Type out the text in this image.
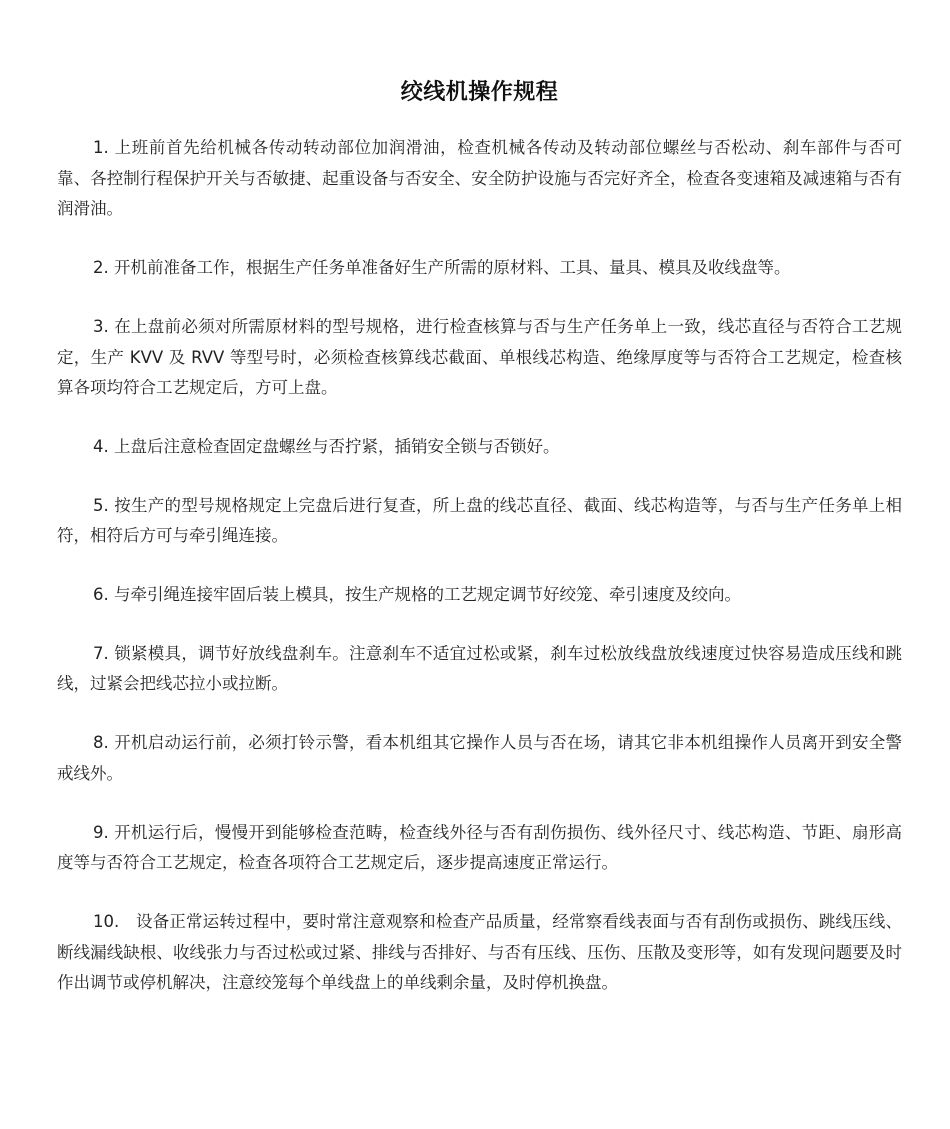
绞线机操作规程

1. 上班前首先给机械各传动转动部位加润滑油，检查机械各传动及转动部位螺丝与否松动、刹车部件与否可靠、各控制行程保护开关与否敏捷、起重设备与否安全、安全防护设施与否完好齐全，检查各变速箱及减速箱与否有润滑油。

2. 开机前准备工作，根据生产任务单准备好生产所需的原材料、工具、量具、模具及收线盘等。

3. 在上盘前必须对所需原材料的型号规格，进行检查核算与否与生产任务单上一致，线芯直径与否符合工艺规定，生产 KVV 及 RVV 等型号时，必须检查核算线芯截面、单根线芯构造、绝缘厚度等与否符合工艺规定，检查核算各项均符合工艺规定后，方可上盘。

4. 上盘后注意检查固定盘螺丝与否拧紧，插销安全锁与否锁好。

5. 按生产的型号规格规定上完盘后进行复查，所上盘的线芯直径、截面、线芯构造等，与否与生产任务单上相符，相符后方可与牵引绳连接。

6. 与牵引绳连接牢固后装上模具，按生产规格的工艺规定调节好绞笼、牵引速度及绞向。

7. 锁紧模具，调节好放线盘刹车。注意刹车不适宜过松或紧，刹车过松放线盘放线速度过快容易造成压线和跳线，过紧会把线芯拉小或拉断。

8. 开机启动运行前，必须打铃示警，看本机组其它操作人员与否在场，请其它非本机组操作人员离开到安全警戒线外。

9. 开机运行后，慢慢开到能够检查范畴，检查线外径与否有刮伤损伤、线外径尺寸、线芯构造、节距、扇形高度等与否符合工艺规定，检查各项符合工艺规定后，逐步提高速度正常运行。

10.　设备正常运转过程中，要时常注意观察和检查产品质量，经常察看线表面与否有刮伤或损伤、跳线压线、断线漏线缺根、收线张力与否过松或过紧、排线与否排好、与否有压线、压伤、压散及变形等，如有发现问题要及时作出调节或停机解决，注意绞笼每个单线盘上的单线剩余量，及时停机换盘。
